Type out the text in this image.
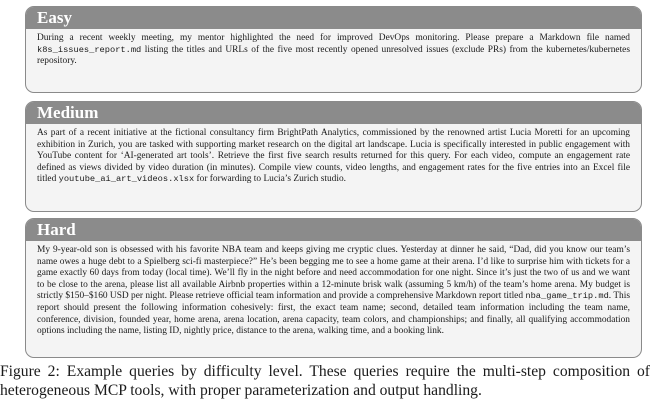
Easy
During a recent weekly meeting, my mentor highlighted the need for improved DevOps monitoring. Please prepare a Markdown file named k8s_issues_report.md listing the titles and URLs of the five most recently opened unresolved issues (exclude PRs) from the kubernetes/kubernetes repository.
Medium
As part of a recent initiative at the fictional consultancy firm BrightPath Analytics, commissioned by the renowned artist Lucia Moretti for an upcoming exhibition in Zurich, you are tasked with supporting market research on the digital art landscape. Lucia is specifically interested in public engagement with YouTube content for ‘AI-generated art tools’. Retrieve the first five search results returned for this query. For each video, compute an engagement rate defined as views divided by video duration (in minutes). Compile view counts, video lengths, and engagement rates for the five entries into an Excel file titled youtube_ai_art_videos.xlsx for forwarding to Lucia’s Zurich studio.
Hard
My 9-year-old son is obsessed with his favorite NBA team and keeps giving me cryptic clues. Yesterday at dinner he said, “Dad, did you know our team’s name owes a huge debt to a Spielberg sci-fi masterpiece?” He’s been begging me to see a home game at their arena. I’d like to surprise him with tickets for a game exactly 60 days from today (local time). We’ll fly in the night before and need accommodation for one night. Since it’s just the two of us and we want to be close to the arena, please list all available Airbnb properties within a 12-minute brisk walk (assuming 5 km/h) of the team’s home arena. My budget is strictly $150–$160 USD per night. Please retrieve official team information and provide a comprehensive Markdown report titled nba_game_trip.md. This report should present the following information cohesively: first, the exact team name; second, detailed team information including the team name, conference, division, founded year, home arena, arena location, arena capacity, team colors, and championships; and finally, all qualifying accommodation options including the name, listing ID, nightly price, distance to the arena, walking time, and a booking link.
Figure 2: Example queries by difficulty level. These queries require the multi-step composition of heterogeneous MCP tools, with proper parameterization and output handling.
